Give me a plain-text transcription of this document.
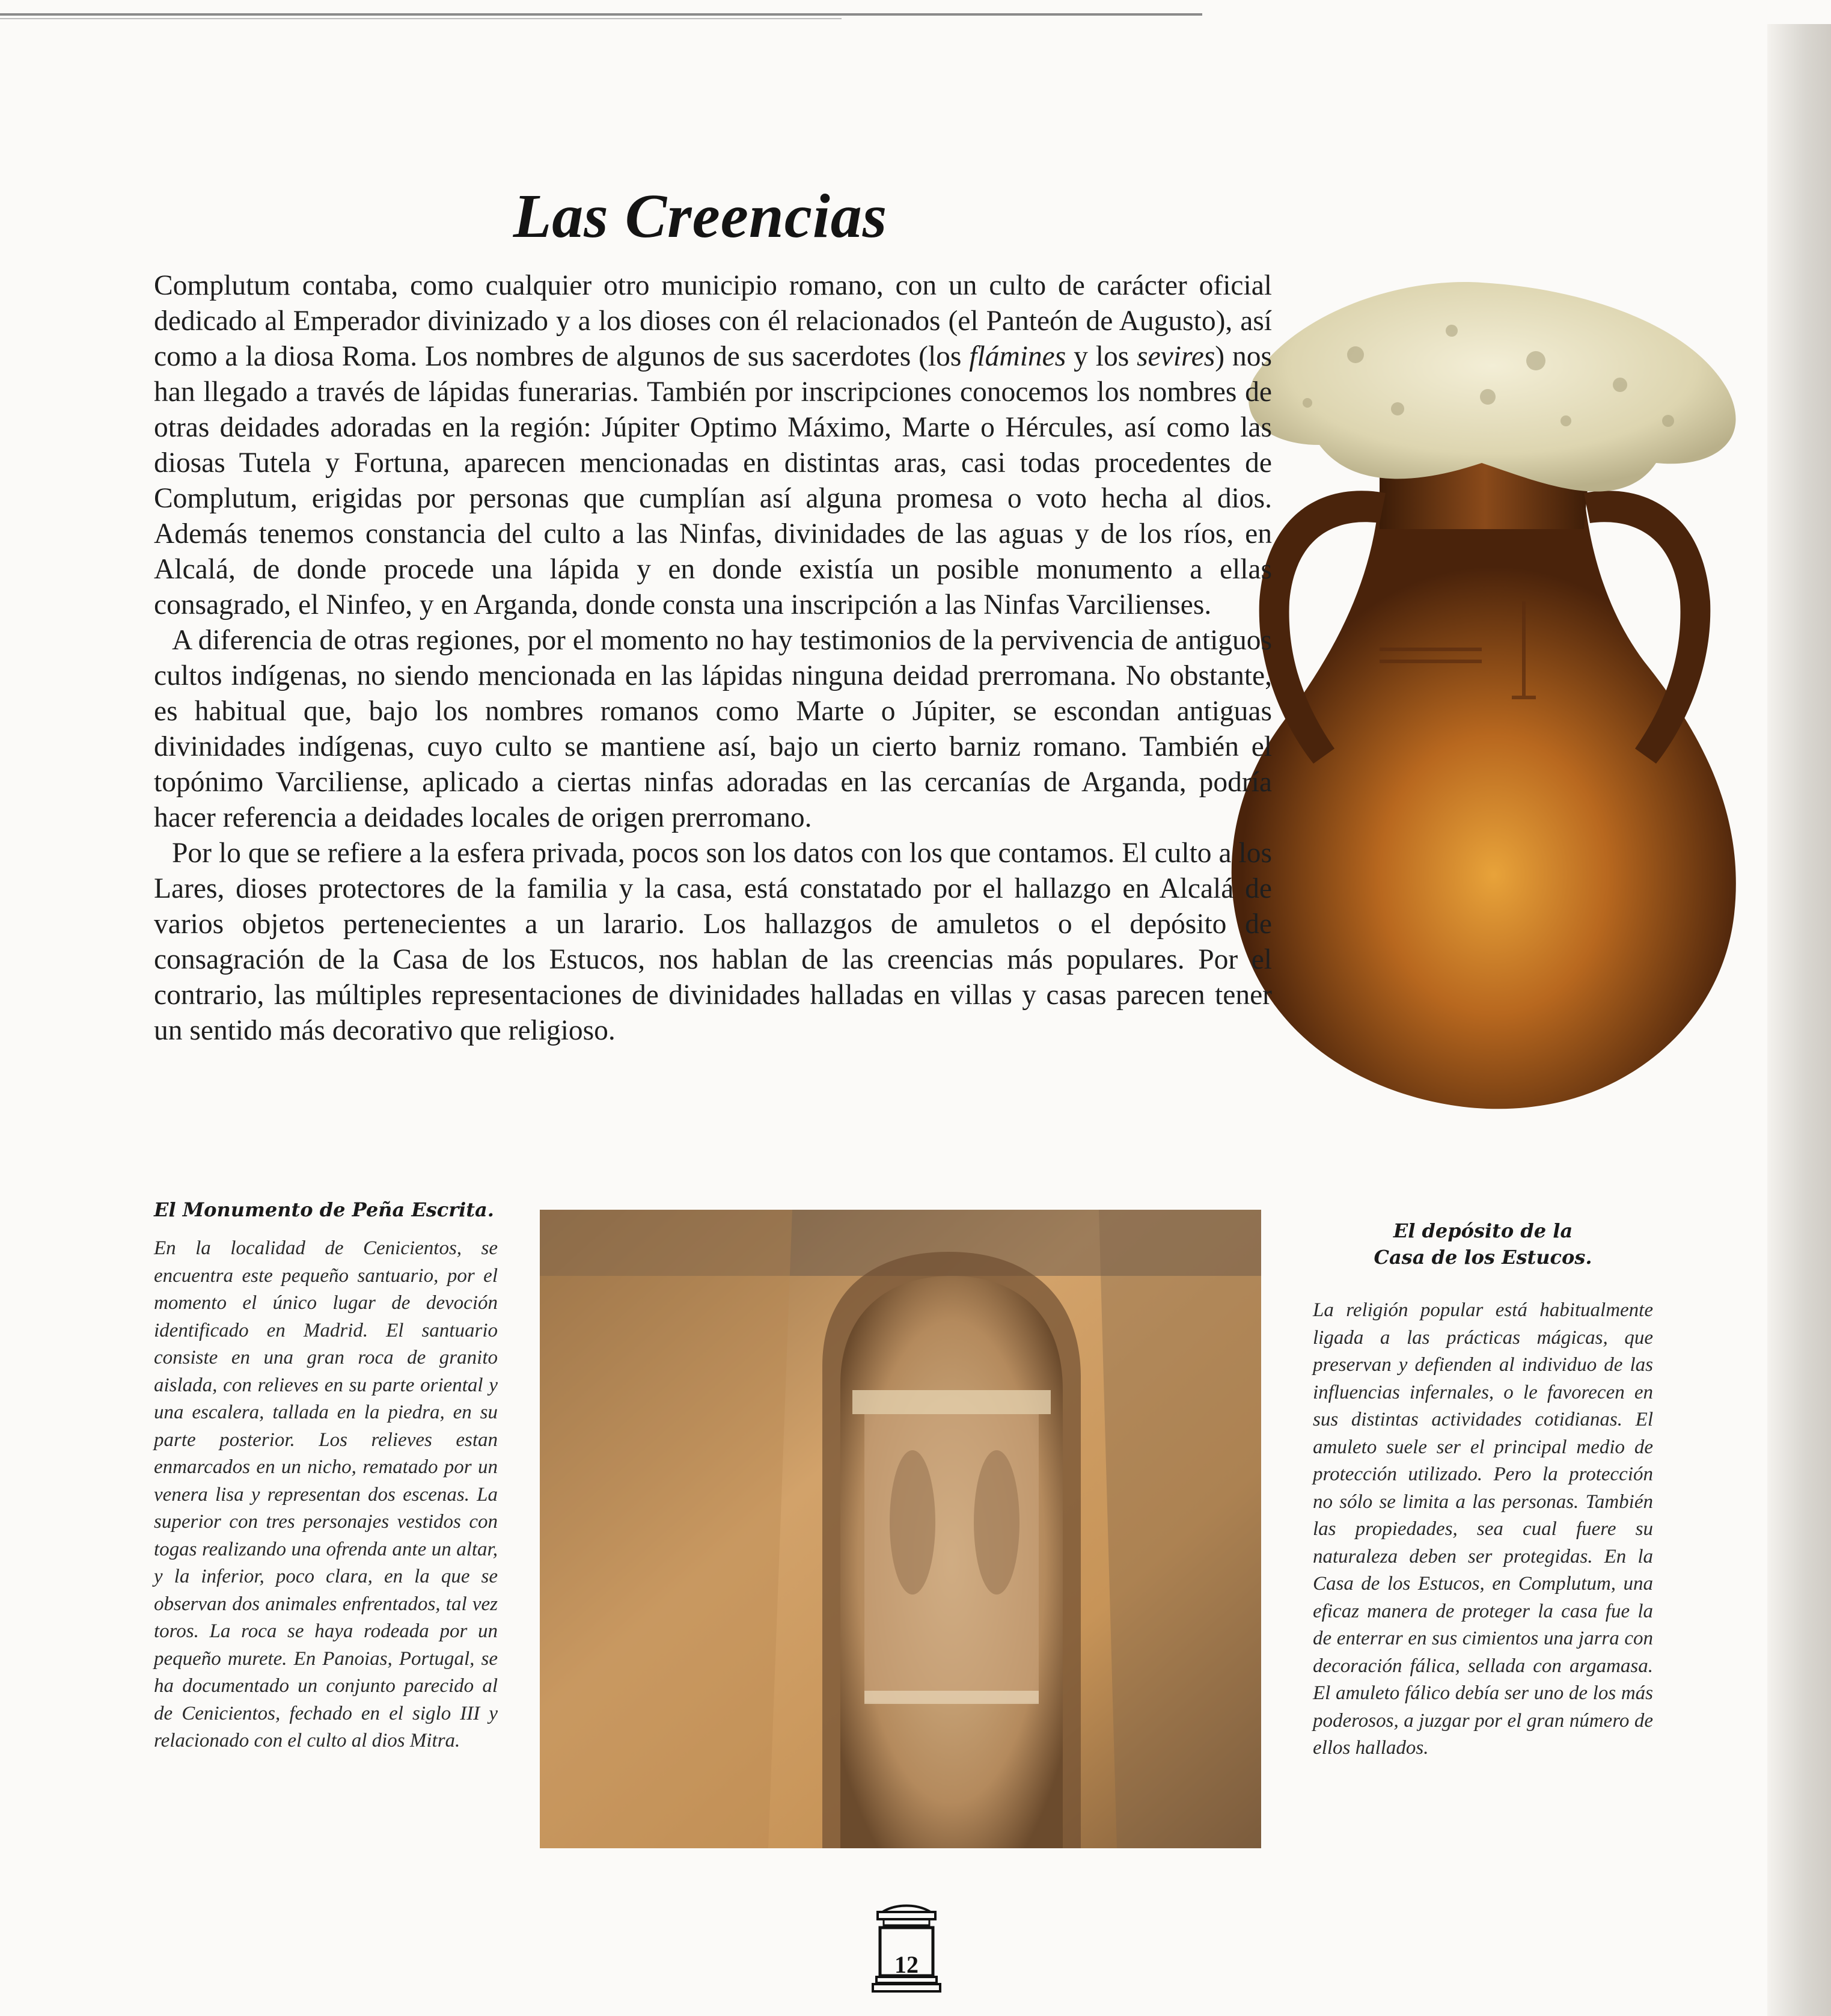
Las Creencias

Complutum contaba, como cualquier otro municipio romano, con un culto de carácter oficial dedicado al Emperador divinizado y a los dioses con él relacionados (el Panteón de Augusto), así como a la diosa Roma. Los nombres de algunos de sus sacerdotes (los flámines y los sevires) nos han llegado a través de lápidas funerarias. También por inscripciones conocemos los nombres de otras deidades adoradas en la región: Júpiter Optimo Máximo, Marte o Hércules, así como las diosas Tutela y Fortuna, aparecen mencionadas en distintas aras, casi todas procedentes de Complutum, erigidas por personas que cumplían así alguna promesa o voto hecha al dios. Además tenemos constancia del culto a las Ninfas, divinidades de las aguas y de los ríos, en Alcalá, de donde procede una lápida y en donde existía un posible monumento a ellas consagrado, el Ninfeo, y en Arganda, donde consta una inscripción a las Ninfas Varcilienses.

A diferencia de otras regiones, por el momento no hay testimonios de la pervivencia de antiguos cultos indígenas, no siendo mencionada en las lápidas ninguna deidad prerromana. No obstante, es habitual que, bajo los nombres romanos como Marte o Júpiter, se escondan antiguas divinidades indígenas, cuyo culto se mantiene así, bajo un cierto barniz romano. También el topónimo Varciliense, aplicado a ciertas ninfas adoradas en las cercanías de Arganda, podría hacer referencia a deidades locales de origen prerromano.

Por lo que se refiere a la esfera privada, pocos son los datos con los que contamos. El culto a los Lares, dioses protectores de la familia y la casa, está constatado por el hallazgo en Alcalá de varios objetos pertenecientes a un larario. Los hallazgos de amuletos o el depósito de consagración de la Casa de los Estucos, nos hablan de las creencias más populares. Por el contrario, las múltiples representaciones de divinidades halladas en villas y casas parecen tener un sentido más decorativo que religioso.

El Monumento de Peña Escrita.

En la localidad de Cenicientos, se encuentra este pequeño santuario, por el momento el único lugar de devoción identificado en Madrid. El santuario consiste en una gran roca de granito aislada, con relieves en su parte oriental y una escalera, tallada en la piedra, en su parte posterior. Los relieves estan enmarcados en un nicho, rematado por un venera lisa y representan dos escenas. La superior con tres personajes vestidos con togas realizando una ofrenda ante un altar, y la inferior, poco clara, en la que se observan dos animales enfrentados, tal vez toros. La roca se haya rodeada por un pequeño murete. En Panoias, Portugal, se ha documentado un conjunto parecido al de Cenicientos, fechado en el siglo III y relacionado con el culto al dios Mitra.

El depósito de la
Casa de los Estucos.

La religión popular está habitualmente ligada a las prácticas mágicas, que preservan y defienden al individuo de las influencias infernales, o le favorecen en sus distintas actividades cotidianas. El amuleto suele ser el principal medio de protección utilizado. Pero la protección no sólo se limita a las personas. También las propiedades, sea cual fuere su naturaleza deben ser protegidas. En la Casa de los Estucos, en Complutum, una eficaz manera de proteger la casa fue la de enterrar en sus cimientos una jarra con decoración fálica, sellada con argamasa. El amuleto fálico debía ser uno de los más poderosos, a juzgar por el gran número de ellos hallados.

12
